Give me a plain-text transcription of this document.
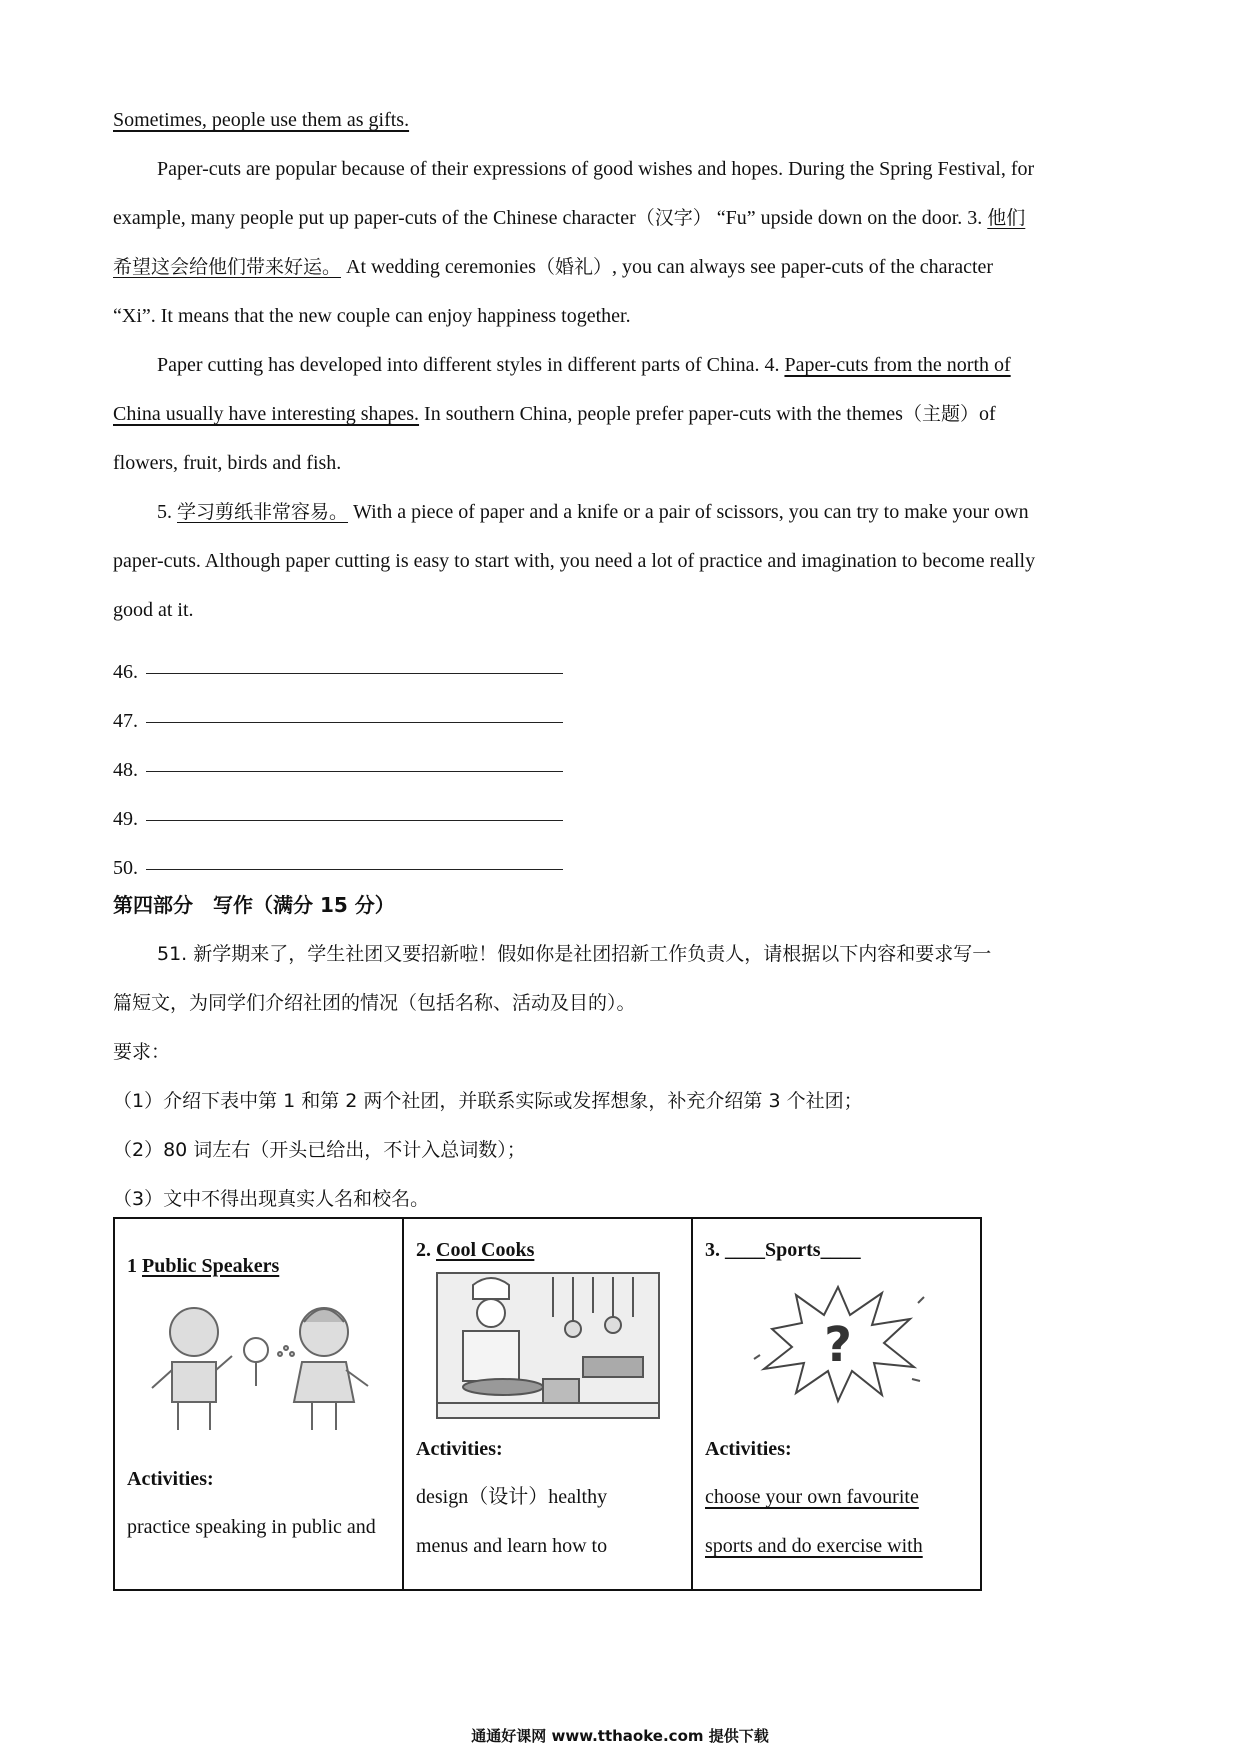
Sometimes, people use them as gifts.
Paper-cuts are popular because of their expressions of good wishes and hopes. During the Spring Festival, for
example, many people put up paper-cuts of the Chinese character（汉字） “Fu” upside down on the door. 3. 他们
希望这会给他们带来好运。 At wedding ceremonies（婚礼）, you can always see paper-cuts of the character
“Xi”. It means that the new couple can enjoy happiness together.
Paper cutting has developed into different styles in different parts of China. 4. Paper-cuts from the north of
China usually have interesting shapes. In southern China, people prefer paper-cuts with the themes（主题）of
flowers, fruit, birds and fish.
5. 学习剪纸非常容易。 With a piece of paper and a knife or a pair of scissors, you can try to make your own
paper-cuts. Although paper cutting is easy to start with, you need a lot of practice and imagination to become really
good at it.
46.
47.
48.
49.
50.
第四部分　写作（满分 15 分）
51. 新学期来了，学生社团又要招新啦！假如你是社团招新工作负责人，请根据以下内容和要求写一
篇短文，为同学们介绍社团的情况（包括名称、活动及目的）。
要求：
（1）介绍下表中第 1 和第 2 两个社团，并联系实际或发挥想象，补充介绍第 3 个社团；
（2）80 词左右（开头已给出，不计入总词数）；
（3）文中不得出现真实人名和校名。
1 Public Speakers
Activities:
practice speaking in public and

2. Cool Cooks
Activities:
design（设计）healthy
menus and learn how to

3. ____Sports____
?
Activities:
choose your own favourite
sports and do exercise with
通通好课网 www.tthaoke.com 提供下载
